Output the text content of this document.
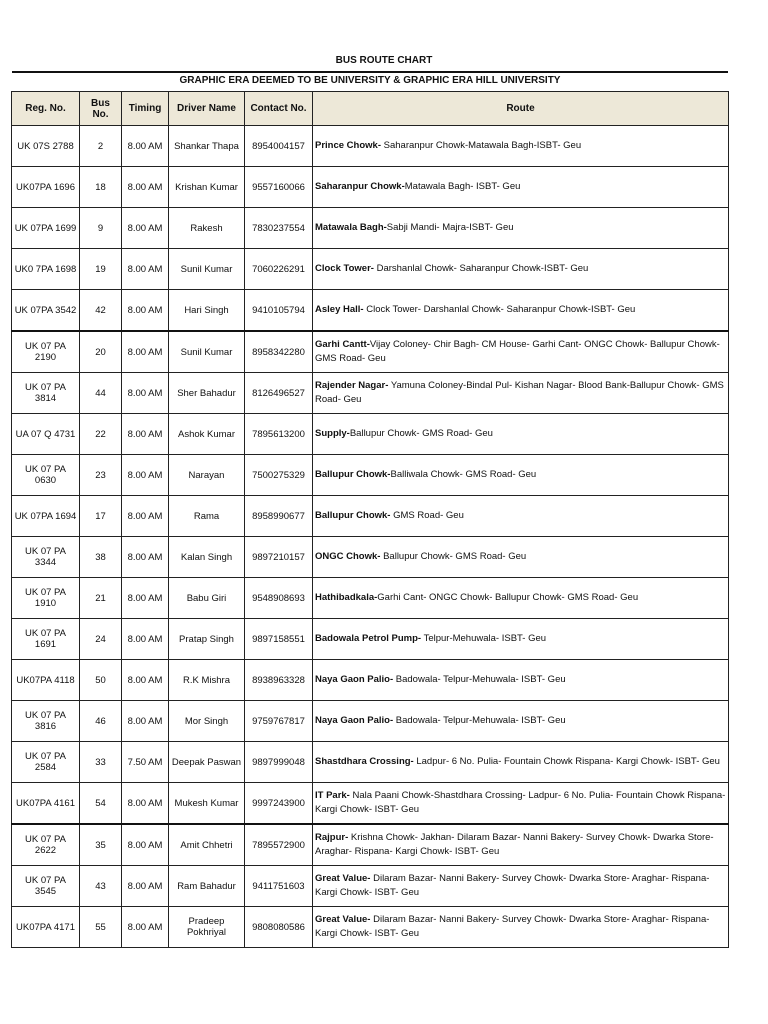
BUS ROUTE CHART
GRAPHIC ERA DEEMED TO BE UNIVERSITY & GRAPHIC ERA HILL UNIVERSITY
Reg. No.	Bus No.	Timing	Driver Name	Contact No.	Route
UK 07S 2788	2	8.00 AM	Shankar Thapa	8954004157	Prince Chowk- Saharanpur Chowk-Matawala Bagh-ISBT- Geu
UK07PA 1696	18	8.00 AM	Krishan Kumar	9557160066	Saharanpur Chowk-Matawala Bagh- ISBT- Geu
UK 07PA 1699	9	8.00 AM	Rakesh	7830237554	Matawala Bagh-Sabji Mandi- Majra-ISBT- Geu
UK0 7PA 1698	19	8.00 AM	Sunil Kumar	7060226291	Clock Tower- Darshanlal Chowk- Saharanpur Chowk-ISBT- Geu
UK 07PA 3542	42	8.00 AM	Hari Singh	9410105794	Asley Hall- Clock Tower- Darshanlal Chowk- Saharanpur Chowk-ISBT- Geu
UK 07 PA 2190	20	8.00 AM	Sunil Kumar	8958342280	Garhi Cantt-Vijay Coloney- Chir Bagh- CM House- Garhi Cant- ONGC Chowk- Ballupur Chowk- GMS Road- Geu
UK 07 PA 3814	44	8.00 AM	Sher Bahadur	8126496527	Rajender Nagar- Yamuna Coloney-Bindal Pul- Kishan Nagar- Blood Bank-Ballupur Chowk- GMS Road- Geu
UA 07 Q 4731	22	8.00 AM	Ashok Kumar	7895613200	Supply-Ballupur Chowk- GMS Road- Geu
UK 07 PA 0630	23	8.00 AM	Narayan	7500275329	Ballupur Chowk-Balliwala Chowk- GMS Road- Geu
UK 07PA 1694	17	8.00 AM	Rama	8958990677	Ballupur Chowk- GMS Road- Geu
UK 07 PA 3344	38	8.00 AM	Kalan Singh	9897210157	ONGC Chowk- Ballupur Chowk- GMS Road- Geu
UK 07 PA 1910	21	8.00 AM	Babu Giri	9548908693	Hathibadkala-Garhi Cant- ONGC Chowk- Ballupur Chowk- GMS Road- Geu
UK 07 PA 1691	24	8.00 AM	Pratap Singh	9897158551	Badowala Petrol Pump- Telpur-Mehuwala- ISBT- Geu
UK07PA 4118	50	8.00 AM	R.K Mishra	8938963328	Naya Gaon Palio- Badowala- Telpur-Mehuwala- ISBT- Geu
UK 07 PA 3816	46	8.00 AM	Mor Singh	9759767817	Naya Gaon Palio- Badowala- Telpur-Mehuwala- ISBT- Geu
UK 07 PA 2584	33	7.50 AM	Deepak Paswan	9897999048	Shastdhara Crossing- Ladpur- 6 No. Pulia- Fountain Chowk Rispana- Kargi Chowk- ISBT- Geu
UK07PA 4161	54	8.00 AM	Mukesh Kumar	9997243900	IT Park- Nala Paani Chowk-Shastdhara Crossing- Ladpur- 6 No. Pulia- Fountain Chowk Rispana- Kargi Chowk- ISBT- Geu
UK 07 PA 2622	35	8.00 AM	Amit Chhetri	7895572900	Rajpur- Krishna Chowk- Jakhan- Dilaram Bazar- Nanni Bakery- Survey Chowk- Dwarka Store- Araghar- Rispana- Kargi Chowk- ISBT- Geu
UK 07 PA 3545	43	8.00 AM	Ram Bahadur	9411751603	Great Value- Dilaram Bazar- Nanni Bakery- Survey Chowk- Dwarka Store- Araghar- Rispana- Kargi Chowk- ISBT- Geu
UK07PA 4171	55	8.00 AM	Pradeep Pokhriyal	9808080586	Great Value- Dilaram Bazar- Nanni Bakery- Survey Chowk- Dwarka Store- Araghar- Rispana- Kargi Chowk- ISBT- Geu
